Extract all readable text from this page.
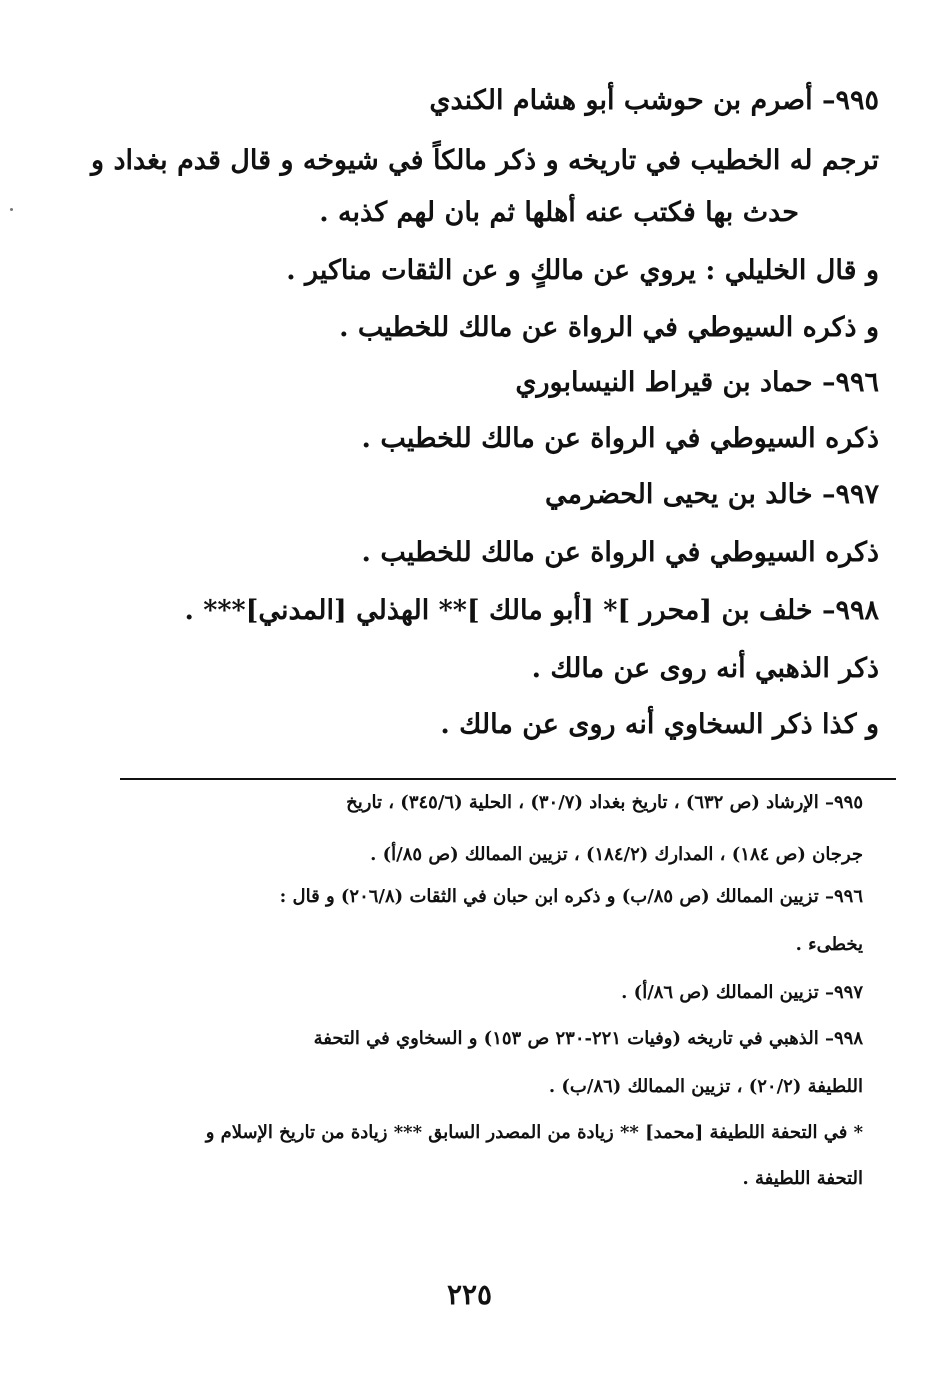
٩٩٥– أصرم بن حوشب أبو هشام الكندي
ترجم له الخطيب في تاريخه و ذكر مالكاً في شيوخه و قال قدم بغداد و
حدث بها فكتب عنه أهلها ثم بان لهم كذبه .
و قال الخليلي : يروي عن مالكٍ و عن الثقات مناكير .
و ذكره السيوطي في الرواة عن مالك للخطيب .
٩٩٦– حماد بن قيراط النيسابوري
ذكره السيوطي في الرواة عن مالك للخطيب .
٩٩٧– خالد بن يحيى الحضرمي
ذكره السيوطي في الرواة عن مالك للخطيب .
٩٩٨– خلف بن [محرر ]* [أبو مالك ]** الهذلي [المدني]*** .
ذكر الذهبي أنه روى عن مالك .
و كذا ذكر السخاوي أنه روى عن مالك .
٩٩٥– الإرشاد (ص ٦٣٢) ، تاريخ بغداد (٣٠/٧) ، الحلية (٣٤٥/٦) ، تاريخ
جرجان (ص ١٨٤) ، المدارك (١٨٤/٢) ، تزيين الممالك (ص ٨٥/أ) .
٩٩٦– تزيين الممالك (ص ٨٥/ب) و ذكره ابن حبان في الثقات (٢٠٦/٨) و قال :
يخطىء .
٩٩٧– تزيين الممالك (ص ٨٦/أ) .
٩٩٨– الذهبي في تاريخه (وفيات ٢٢١-٢٣٠ ص ١٥٣) و السخاوي في التحفة
اللطيفة (٢٠/٢) ، تزيين الممالك (٨٦/ب) .
* في التحفة اللطيفة [محمد] ** زيادة من المصدر السابق *** زيادة من تاريخ الإسلام و
التحفة اللطيفة .
٢٢٥
